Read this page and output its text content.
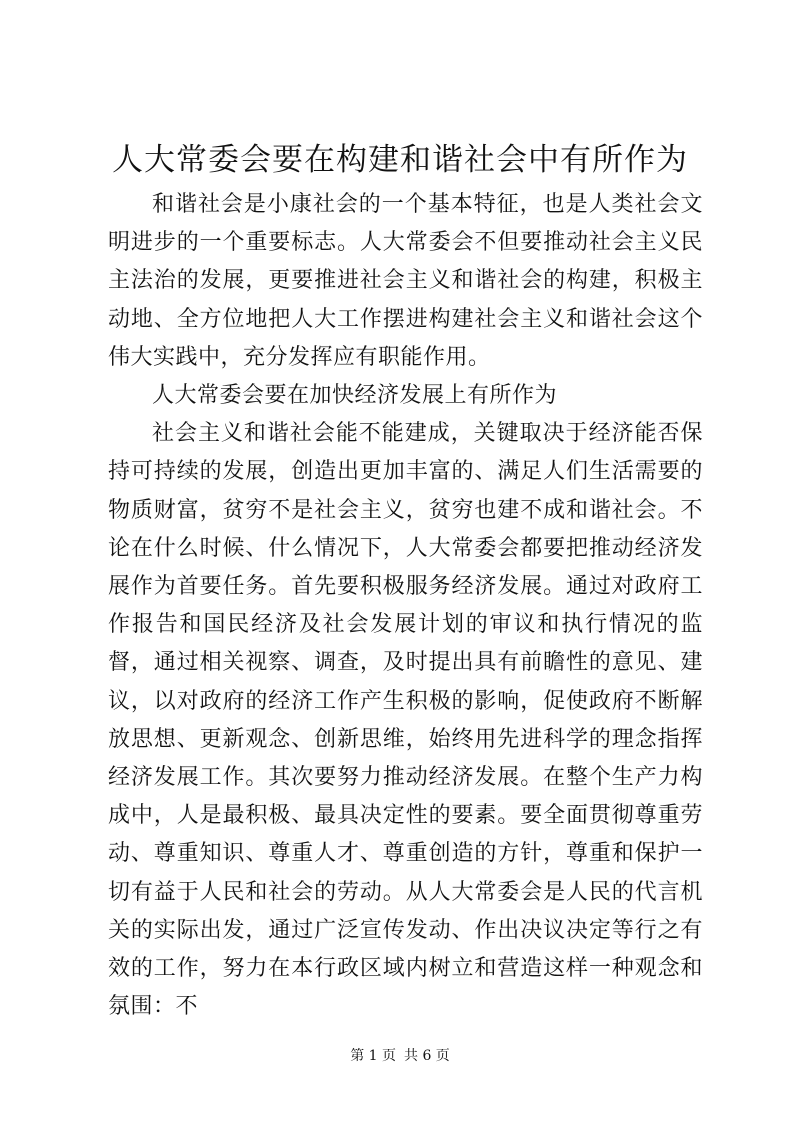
人大常委会要在构建和谐社会中有所作为

和谐社会是小康社会的一个基本特征，也是人类社会文明进步的一个重要标志。人大常委会不但要推动社会主义民主法治的发展，更要推进社会主义和谐社会的构建，积极主动地、全方位地把人大工作摆进构建社会主义和谐社会这个伟大实践中，充分发挥应有职能作用。

人大常委会要在加快经济发展上有所作为

社会主义和谐社会能不能建成，关键取决于经济能否保持可持续的发展，创造出更加丰富的、满足人们生活需要的物质财富，贫穷不是社会主义，贫穷也建不成和谐社会。不论在什么时候、什么情况下，人大常委会都要把推动经济发展作为首要任务。首先要积极服务经济发展。通过对政府工作报告和国民经济及社会发展计划的审议和执行情况的监督，通过相关视察、调查，及时提出具有前瞻性的意见、建议，以对政府的经济工作产生积极的影响，促使政府不断解放思想、更新观念、创新思维，始终用先进科学的理念指挥经济发展工作。其次要努力推动经济发展。在整个生产力构成中，人是最积极、最具决定性的要素。要全面贯彻尊重劳动、尊重知识、尊重人才、尊重创造的方针，尊重和保护一切有益于人民和社会的劳动。从人大常委会是人民的代言机关的实际出发，通过广泛宣传发动、作出决议决定等行之有效的工作，努力在本行政区域内树立和营造这样一种观念和氛围：不

第 1 页 共 6 页
